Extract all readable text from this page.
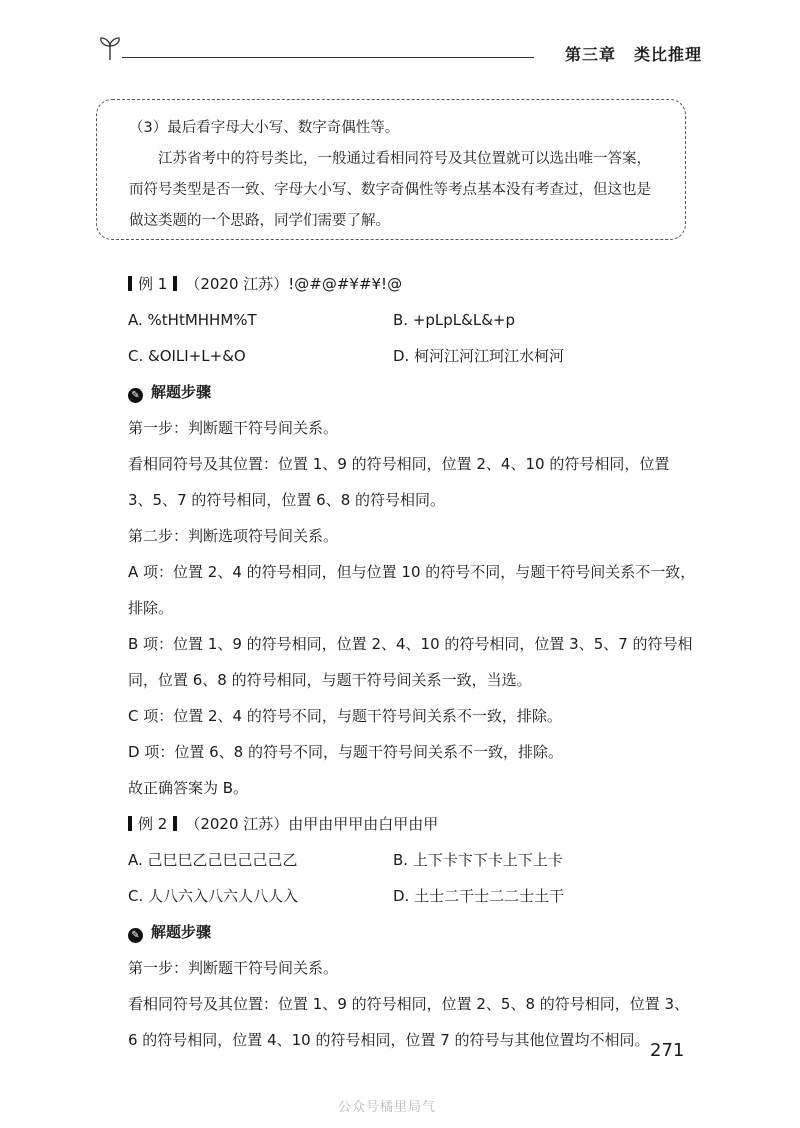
第三章 类比推理

（3）最后看字母大小写、数字奇偶性等。

江苏省考中的符号类比，一般通过看相同符号及其位置就可以选出唯一答案，而符号类型是否一致、字母大小写、数字奇偶性等考点基本没有考查过，但这也是做这类题的一个思路，同学们需要了解。

例 1 （2020 江苏）!@#@#¥#¥!@
A. %tHtMHHM%T	B. +pLpL&L&+p
C. &OILI+L+&O	D. 柯河江河江珂江水柯河
✎ 解题步骤
第一步：判断题干符号间关系。
看相同符号及其位置：位置 1、9 的符号相同，位置 2、4、10 的符号相同，位置 3、5、7 的符号相同，位置 6、8 的符号相同。
第二步：判断选项符号间关系。
A 项：位置 2、4 的符号相同，但与位置 10 的符号不同，与题干符号间关系不一致，排除。
B 项：位置 1、9 的符号相同，位置 2、4、10 的符号相同，位置 3、5、7 的符号相同，位置 6、8 的符号相同，与题干符号间关系一致，当选。
C 项：位置 2、4 的符号不同，与题干符号间关系不一致，排除。
D 项：位置 6、8 的符号不同，与题干符号间关系不一致，排除。
故正确答案为 B。
例 2 （2020 江苏）由甲由甲甲由白甲由甲
A. 己巳巳乙己巳己己己乙	B. 上下卡卞下卡上下上卡
C. 人八六入八六人八人入	D. 土士二干士二二士土干
✎ 解题步骤
第一步：判断题干符号间关系。
看相同符号及其位置：位置 1、9 的符号相同，位置 2、5、8 的符号相同，位置 3、6 的符号相同，位置 4、10 的符号相同，位置 7 的符号与其他位置均不相同。 271
公众号橘里局气
